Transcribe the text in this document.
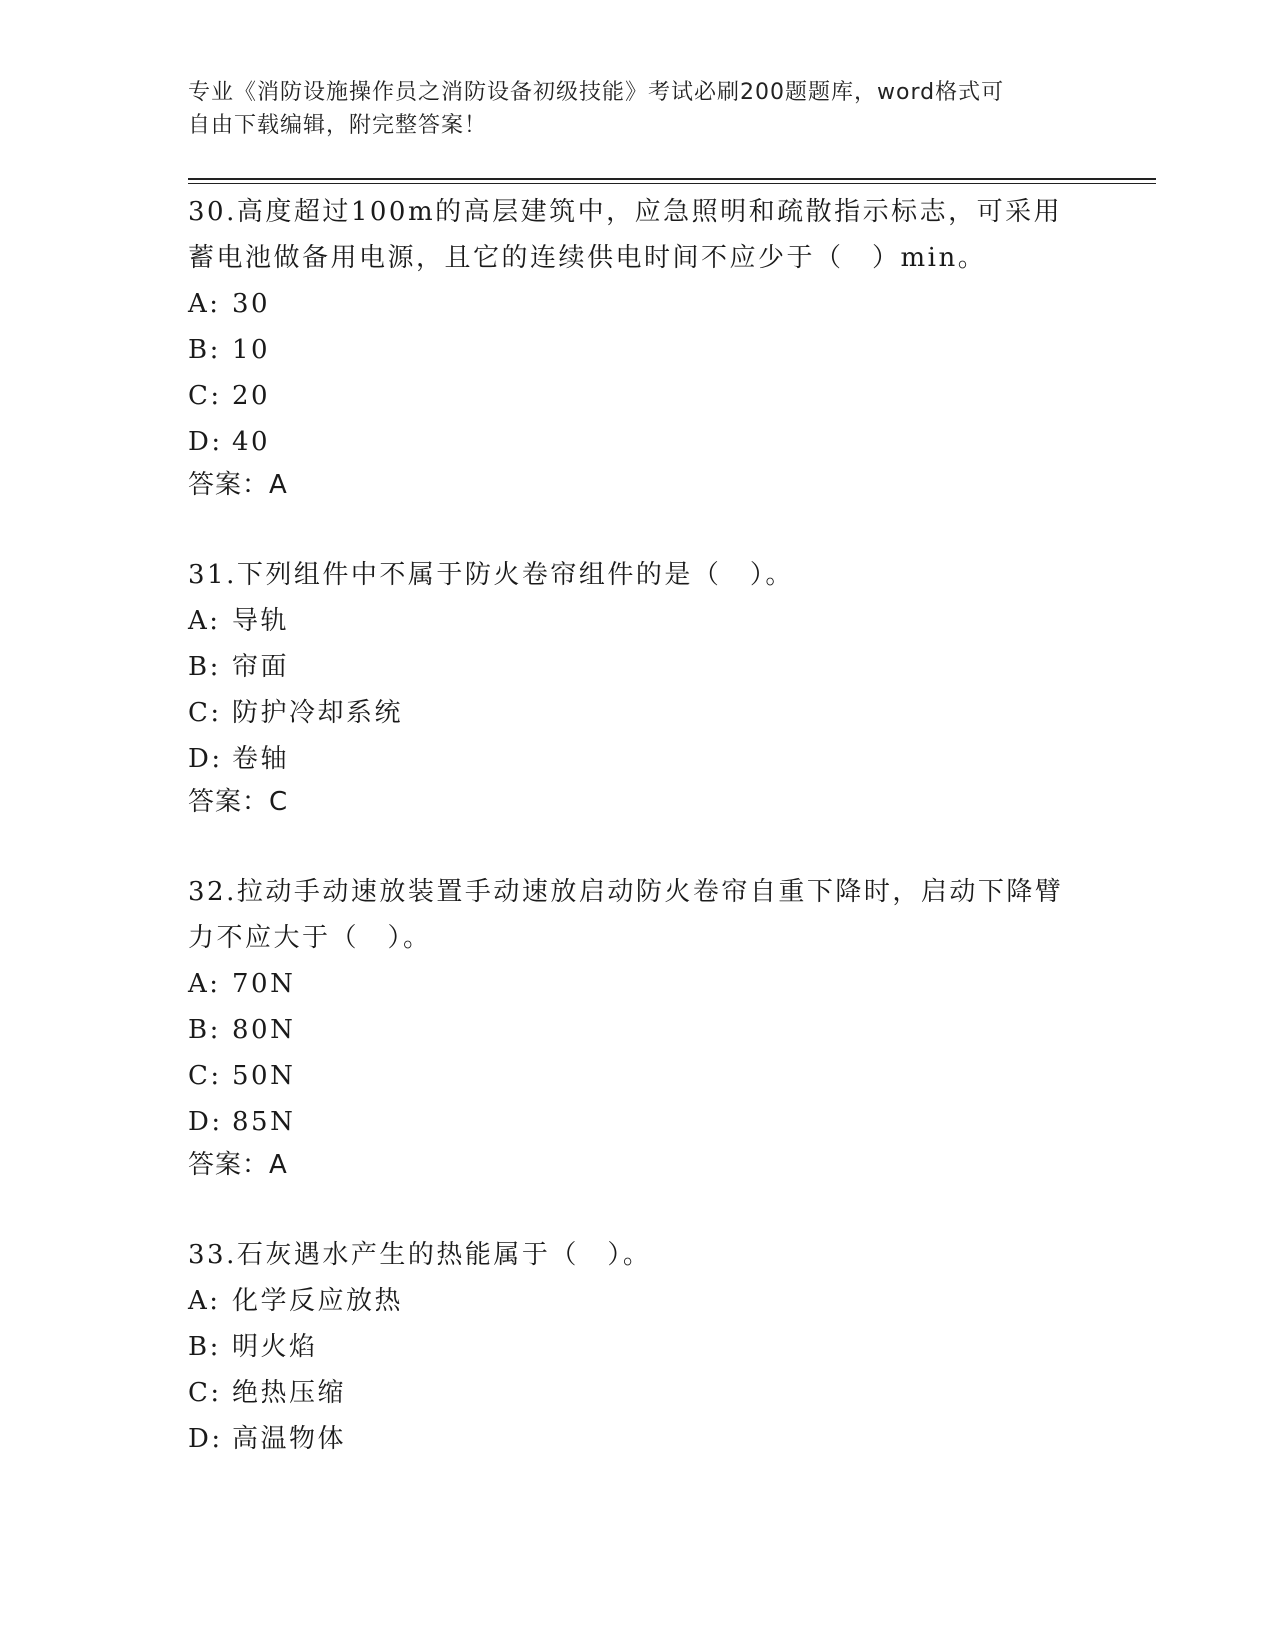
专业《消防设施操作员之消防设备初级技能》考试必刷200题题库，word格式可
自由下载编辑，附完整答案！
30.高度超过100m的高层建筑中，应急照明和疏散指示标志，可采用
蓄电池做备用电源，且它的连续供电时间不应少于（　）min。
A: 30
B: 10
C: 20
D: 40
答案：A
31.下列组件中不属于防火卷帘组件的是（　）。
A: 导轨
B: 帘面
C: 防护冷却系统
D: 卷轴
答案：C
32.拉动手动速放装置手动速放启动防火卷帘自重下降时，启动下降臂
力不应大于（　）。
A: 70N
B: 80N
C: 50N
D: 85N
答案：A
33.石灰遇水产生的热能属于（　）。
A: 化学反应放热
B: 明火焰
C: 绝热压缩
D: 高温物体
